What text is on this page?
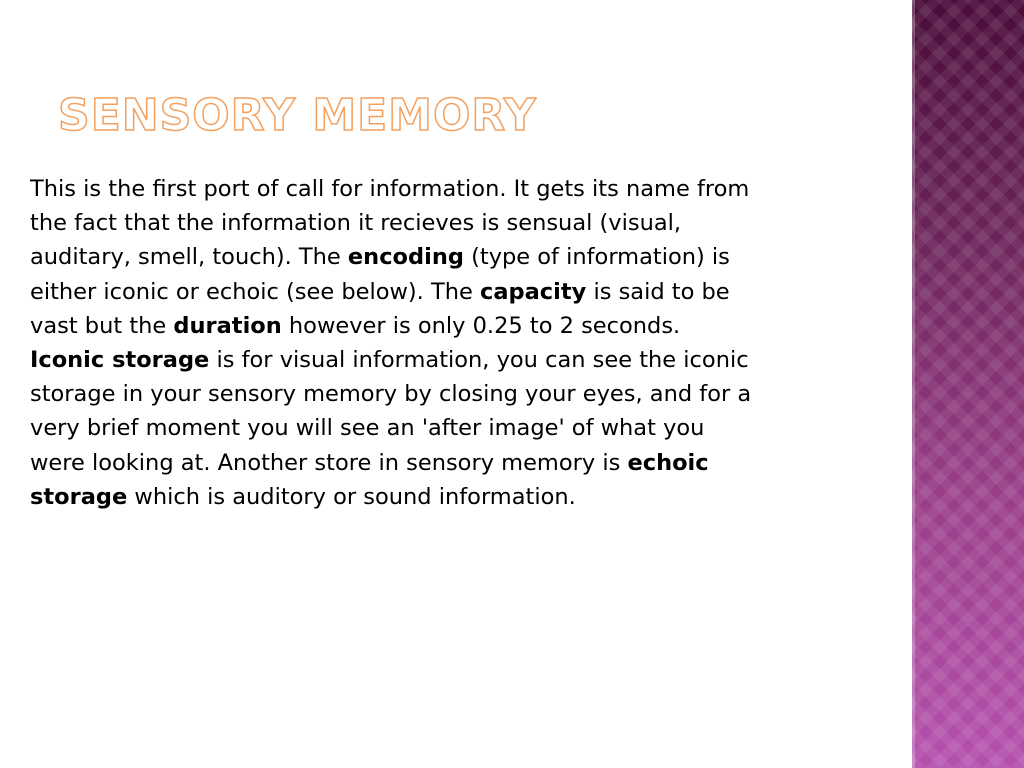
SENSORY MEMORY

This is the first port of call for information. It gets its name from the fact that the information it recieves is sensual (visual, auditary, smell, touch). The encoding (type of information) is either iconic or echoic (see below). The capacity is said to be vast but the duration however is only 0.25 to 2 seconds.

Iconic storage is for visual information, you can see the iconic storage in your sensory memory by closing your eyes, and for a very brief moment you will see an 'after image' of what you were looking at. Another store in sensory memory is echoic storage which is auditory or sound information.
